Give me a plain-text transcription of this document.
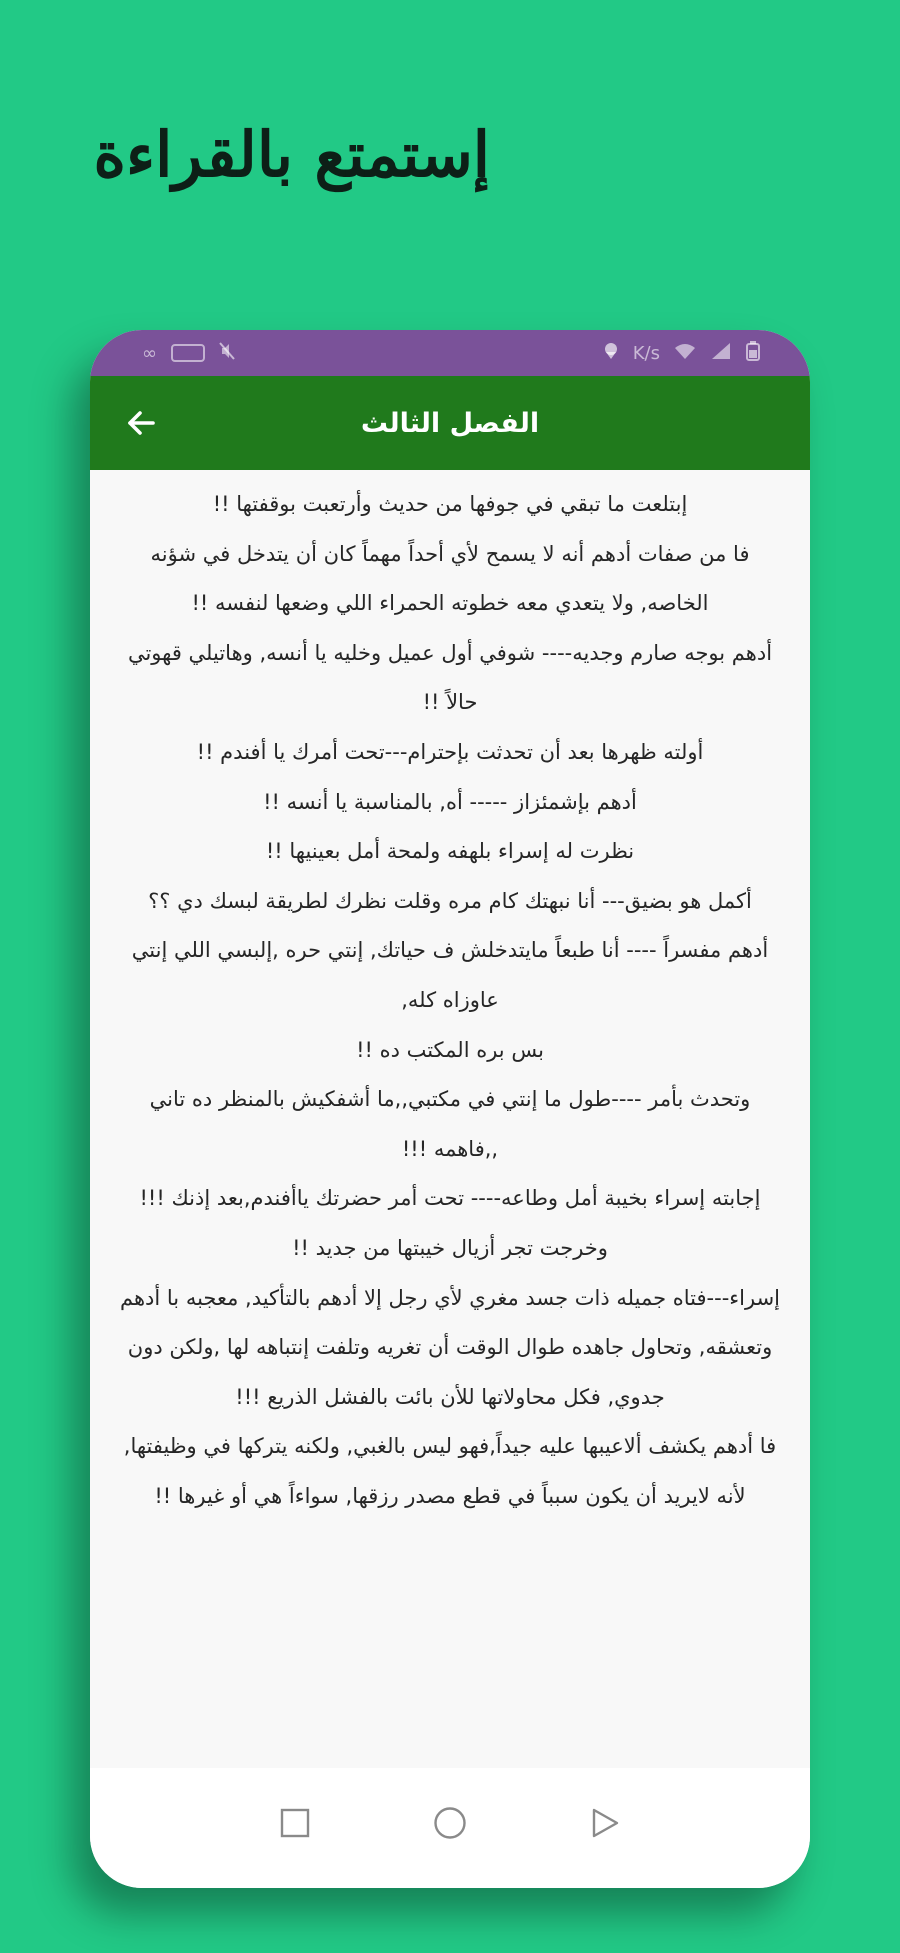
إستمتع بالقراءة
∞	K/s
الفصل الثالث

إبتلعت ما تبقي في جوفها من حديث وأرتعبت بوقفتها !!

فا من صفات أدهم أنه لا يسمح لأي أحداً مهماً كان أن يتدخل في شؤنه الخاصه, ولا يتعدي معه خطوته الحمراء اللي وضعها لنفسه !!

أدهم بوجه صارم وجديه---- شوفي أول عميل وخليه يا أنسه, وهاتيلي قهوتي حالاً !!

أولته ظهرها بعد أن تحدثت بإحترام---تحت أمرك يا أفندم !!

أدهم بإشمئزاز ----- أه, بالمناسبة يا أنسه !!

نظرت له إسراء بلهفه ولمحة أمل بعينيها !!

أكمل هو بضيق--- أنا نبهتك كام مره وقلت نظرك لطريقة لبسك دي ؟؟

أدهم مفسراً ---- أنا طبعاً مايتدخلش ف حياتك, إنتي حره ,إلبسي اللي إنتي عاوزاه كله,

بس بره المكتب ده !!

وتحدث بأمر ----طول ما إنتي في مكتبي,,ما أشفكيش بالمنظر ده تاني ,,فاهمه !!!

إجابته إسراء بخيبة أمل وطاعه---- تحت أمر حضرتك ياأفندم,بعد إذنك !!!

وخرجت تجر أزيال خيبتها من جديد !!

إسراء---فتاه جميله ذات جسد مغري لأي رجل إلا أدهم بالتأكيد, معجبه با أدهم وتعشقه, وتحاول جاهده طوال الوقت أن تغريه وتلفت إنتباهه لها ,ولكن دون جدوي, فكل محاولاتها للأن بائت بالفشل الذريع !!!

فا أدهم يكشف ألاعيبها عليه جيداً,فهو ليس بالغبي, ولكنه يتركها في وظيفتها,

لأنه لايريد أن يكون سبباً في قطع مصدر رزقها, سواءاً هي أو غيرها !!
